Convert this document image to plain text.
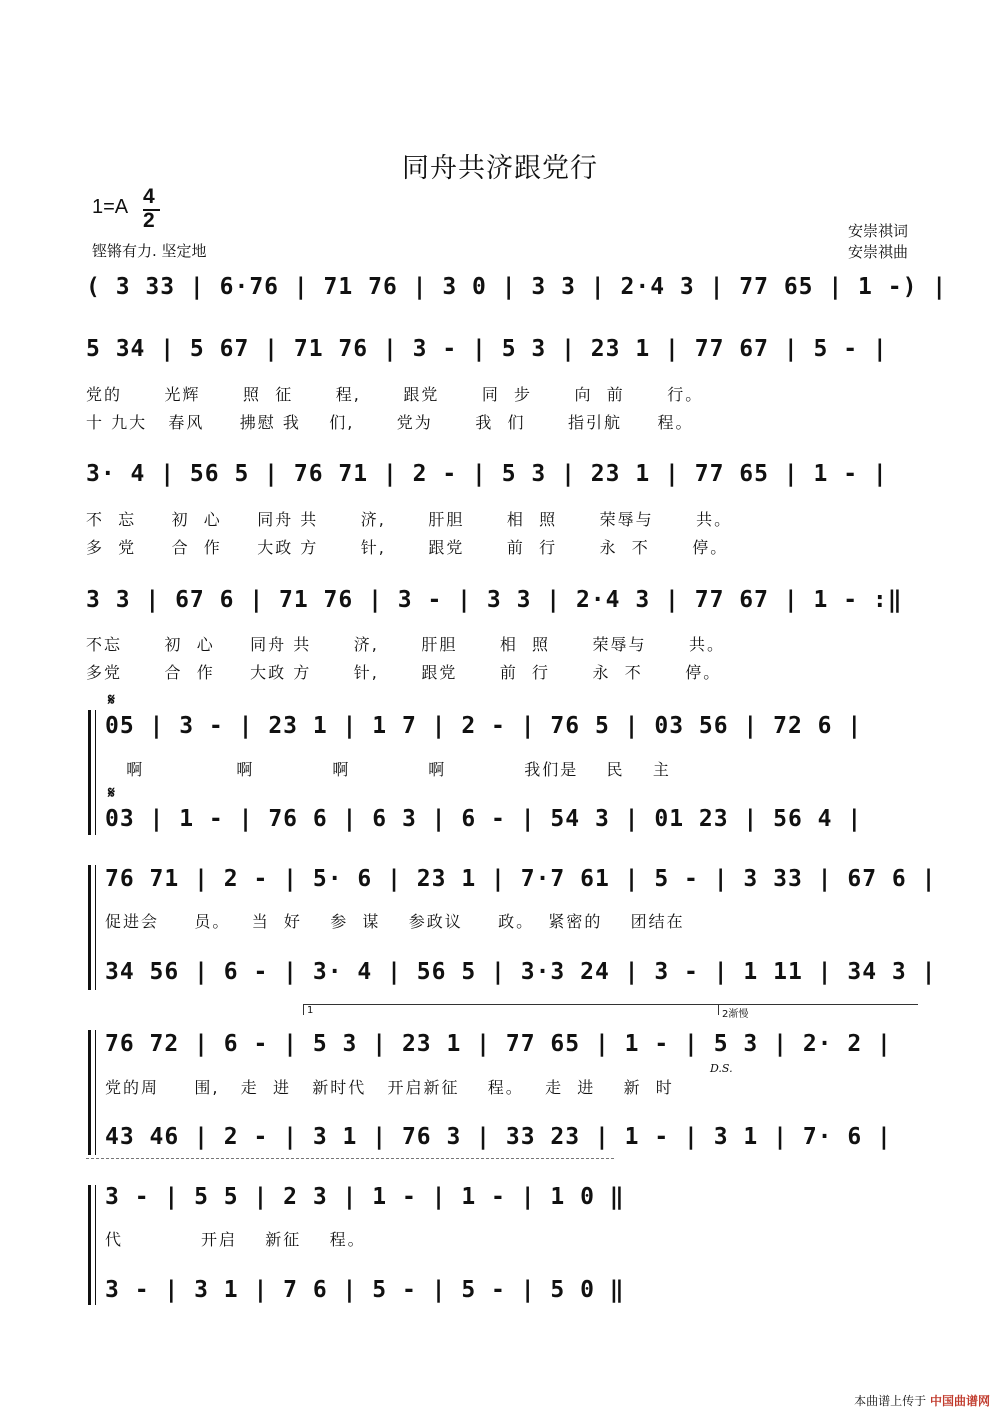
同舟共济跟党行
1=A 4
2
铿锵有力. 坚定地
安崇祺词
安崇祺曲
( 3 33 | 6·76 | 71 76 | 3 0 | 3 3 | 2·4 3 | 77 65 | 1 -) |
5 34 | 5 67 | 71 76 | 3 - | 5 3 | 23 1 | 77 67 | 5 - |
党的      光辉      照  征      程,      跟党      同  步      向  前      行。
十 九大   春风     拂慰 我    们,      党为      我  们      指引航     程。
3· 4 | 56 5 | 76 71 | 2 - | 5 3 | 23 1 | 77 65 | 1 - |
不  忘     初  心     同舟 共      济,      肝胆      相  照      荣辱与      共。
多  党     合  作     大政 方      针,      跟党      前  行      永  不      停。
3 3 | 67 6 | 71 76 | 3 - | 3 3 | 2·4 3 | 77 67 | 1 - :‖
不忘      初  心     同舟 共      济,      肝胆      相  照      荣辱与      共。
多党      合  作     大政 方      针,      跟党      前  行      永  不      停。
𝄋
05 | 3 - | 23 1 | 1 7 | 2 - | 76 5 | 03 56 | 72 6 |
啊             啊           啊           啊           我们是    民    主
𝄋
03 | 1 - | 76 6 | 6 3 | 6 - | 54 3 | 01 23 | 56 4 |
76 71 | 2 - | 5· 6 | 23 1 | 7·7 61 | 5 - | 3 33 | 67 6 |
促进会     员。   当  好    参  谋    参政议     政。  紧密的    团结在
34 56 | 6 - | 3· 4 | 56 5 | 3·3 24 | 3 - | 1 11 | 34 3 |
1	2渐慢
76 72 | 6 - | 5 3 | 23 1 | 77 65 | 1 - | 5 3 | 2· 2 |
D.S.
党的周     围,   走  进   新时代   开启新征    程。   走  进    新  时
43 46 | 2 - | 3 1 | 76 3 | 33 23 | 1 - | 3 1 | 7· 6 |
3 - | 5 5 | 2 3 | 1 - | 1 - | 1 0 ‖
代           开启    新征    程。
3 - | 3 1 | 7 6 | 5 - | 5 - | 5 0 ‖
本曲谱上传于 中国曲谱网
